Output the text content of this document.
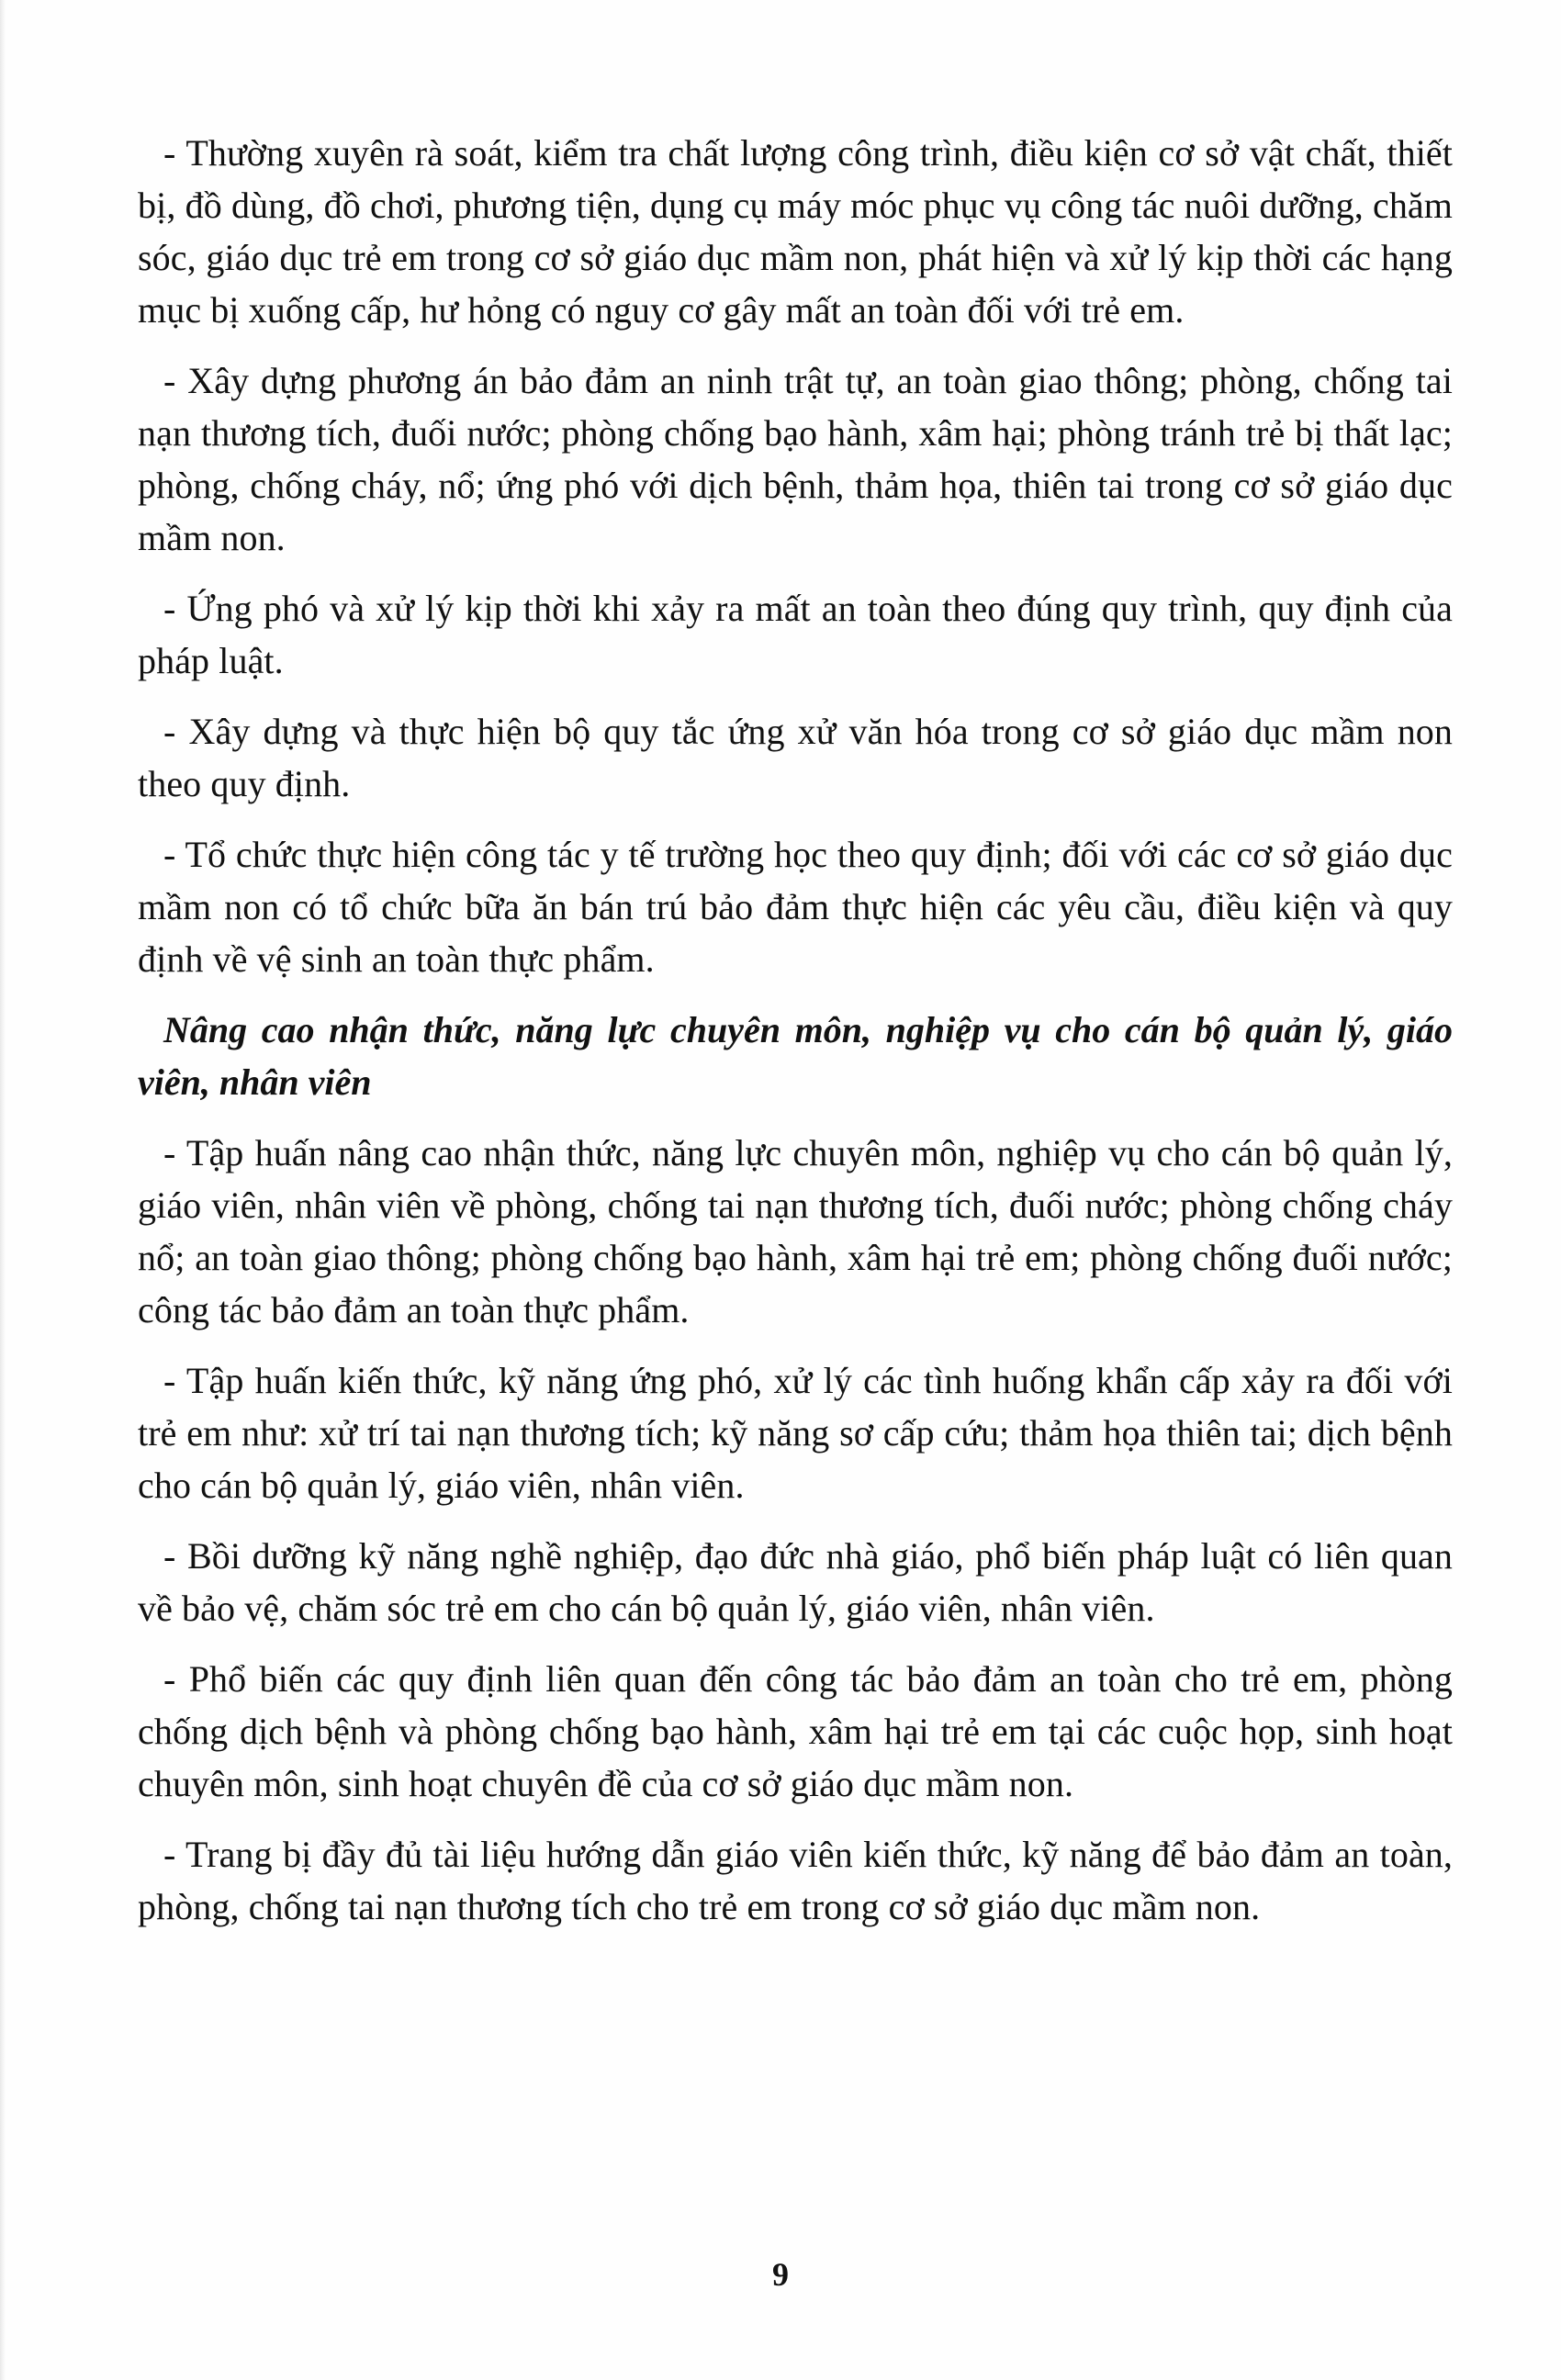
- Thường xuyên rà soát, kiểm tra chất lượng công trình, điều kiện cơ sở vật chất, thiết bị, đồ dùng, đồ chơi, phương tiện, dụng cụ máy móc phục vụ công tác nuôi dưỡng, chăm sóc, giáo dục trẻ em trong cơ sở giáo dục mầm non, phát hiện và xử lý kịp thời các hạng mục bị xuống cấp, hư hỏng có nguy cơ gây mất an toàn đối với trẻ em.

- Xây dựng phương án bảo đảm an ninh trật tự, an toàn giao thông; phòng, chống tai nạn thương tích, đuối nước; phòng chống bạo hành, xâm hại; phòng tránh trẻ bị thất lạc; phòng, chống cháy, nổ; ứng phó với dịch bệnh, thảm họa, thiên tai trong cơ sở giáo dục mầm non.

- Ứng phó và xử lý kịp thời khi xảy ra mất an toàn theo đúng quy trình, quy định của pháp luật.

- Xây dựng và thực hiện bộ quy tắc ứng xử văn hóa trong cơ sở giáo dục mầm non theo quy định.

- Tổ chức thực hiện công tác y tế trường học theo quy định; đối với các cơ sở giáo dục mầm non có tổ chức bữa ăn bán trú bảo đảm thực hiện các yêu cầu, điều kiện và quy định về vệ sinh an toàn thực phẩm.

Nâng cao nhận thức, năng lực chuyên môn, nghiệp vụ cho cán bộ quản lý, giáo viên, nhân viên

- Tập huấn nâng cao nhận thức, năng lực chuyên môn, nghiệp vụ cho cán bộ quản lý, giáo viên, nhân viên về phòng, chống tai nạn thương tích, đuối nước; phòng chống cháy nổ; an toàn giao thông; phòng chống bạo hành, xâm hại trẻ em; phòng chống đuối nước; công tác bảo đảm an toàn thực phẩm.

- Tập huấn kiến thức, kỹ năng ứng phó, xử lý các tình huống khẩn cấp xảy ra đối với trẻ em như: xử trí tai nạn thương tích; kỹ năng sơ cấp cứu; thảm họa thiên tai; dịch bệnh cho cán bộ quản lý, giáo viên, nhân viên.

- Bồi dưỡng kỹ năng nghề nghiệp, đạo đức nhà giáo, phổ biến pháp luật có liên quan về bảo vệ, chăm sóc trẻ em cho cán bộ quản lý, giáo viên, nhân viên.

- Phổ biến các quy định liên quan đến công tác bảo đảm an toàn cho trẻ em, phòng chống dịch bệnh và phòng chống bạo hành, xâm hại trẻ em tại các cuộc họp, sinh hoạt chuyên môn, sinh hoạt chuyên đề của cơ sở giáo dục mầm non.

- Trang bị đầy đủ tài liệu hướng dẫn giáo viên kiến thức, kỹ năng để bảo đảm an toàn, phòng, chống tai nạn thương tích cho trẻ em trong cơ sở giáo dục mầm non.

9
